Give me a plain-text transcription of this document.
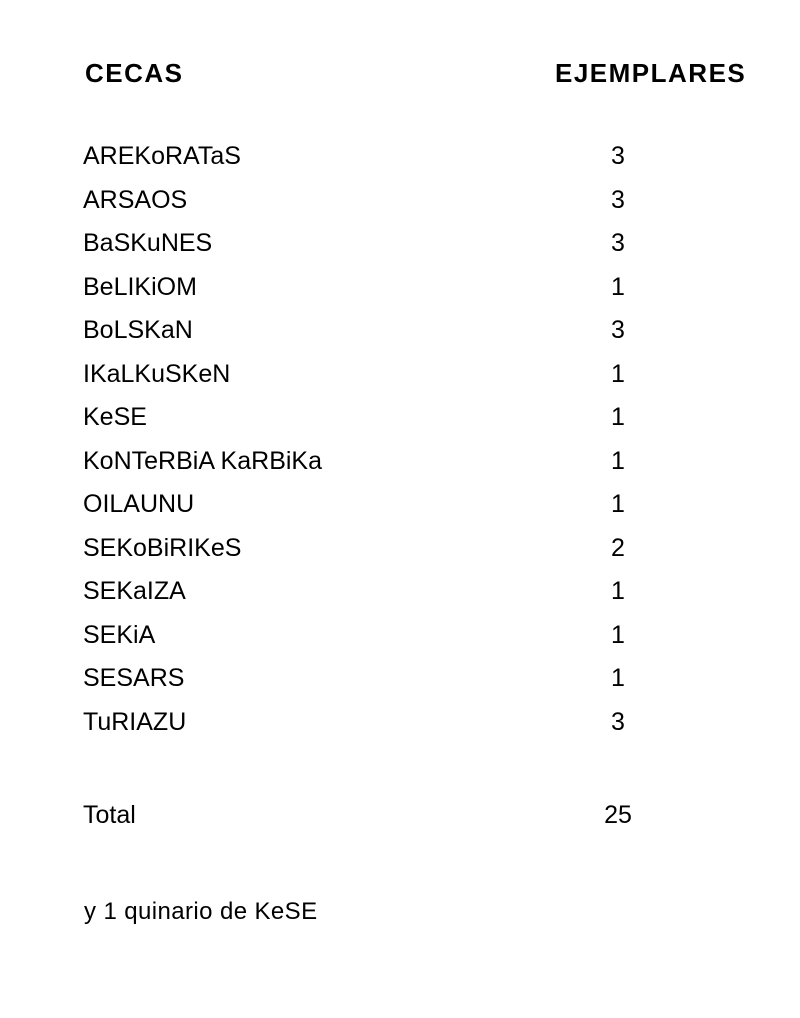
CECAS	EJEMPLARES
AREKoRATaS	3
ARSAOS	3
BaSKuNES	3
BeLIKiOM	1
BoLSKaN	3
IKaLKuSKeN	1
KeSE	1
KoNTeRBiA KaRBiKa	1
OILAUNU	1
SEKoBiRIKeS	2
SEKaIZA	1
SEKiA	1
SESARS	1
TuRIAZU	3
Total	25
y 1 quinario de KeSE
